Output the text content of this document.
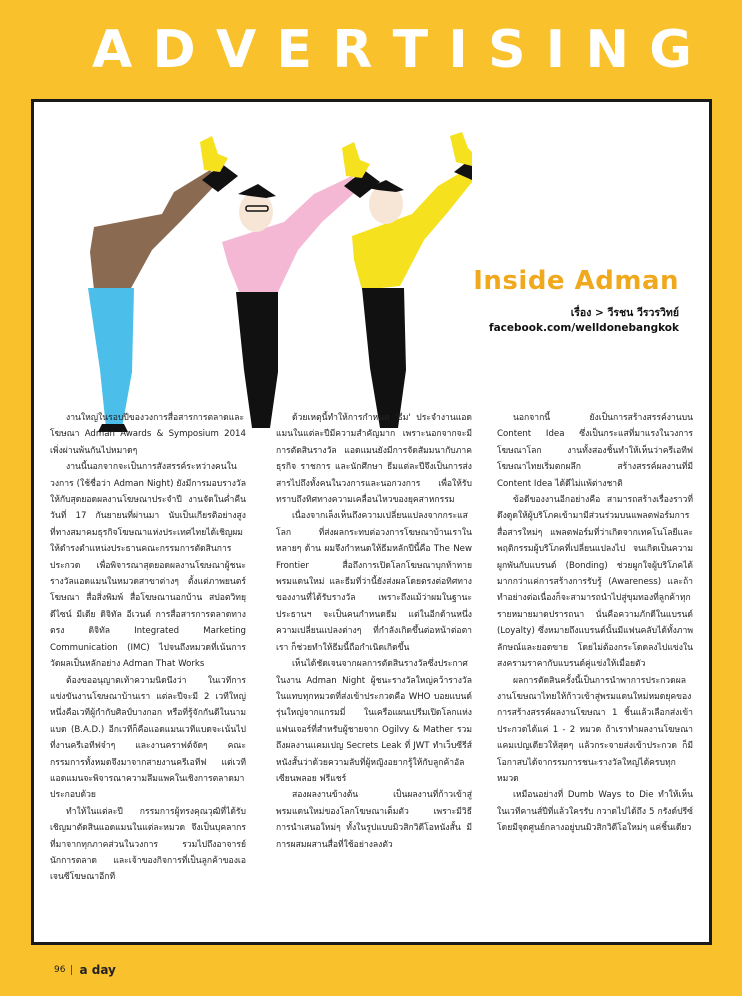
A D V E R T I S I N G
Inside Adman
เรื่อง > วีรชน วีรวรวิทย์
facebook.com/welldonebangkok

งานใหญ่ในรอบปีของวงการสื่อสารการตลาดและโฆษณา Adman Awards & Symposium 2014 เพิ่งผ่านพ้นกันไปหมาดๆ

งานนี้นอกจากจะเป็นการสังสรรค์ระหว่างคนในวงการ (ใช้ชื่อว่า Adman Night) ยังมีการมอบรางวัลให้กับสุดยอดผลงานโฆษณาประจำปี งานจัดในค่ำคืนวันที่ 17 กันยายนที่ผ่านมา นับเป็นเกียรติอย่างสูงที่ทางสมาคมธุรกิจโฆษณาแห่งประเทศไทยได้เชิญผมให้ดำรงตำแหน่งประธานคณะกรรมการตัดสินการประกวด เพื่อพิจารณาสุดยอดผลงานโฆษณาผู้ชนะรางวัลแอดแมนในหมวดสาขาต่างๆ ตั้งแต่ภาพยนตร์โฆษณา สื่อสิ่งพิมพ์ สื่อโฆษณานอกบ้าน สปอตวิทยุ ดีไซน์ มีเดีย ดิจิทัล อีเวนต์ การสื่อสารการตลาดทางตรง ดิจิทัล Integrated Marketing Communication (IMC) ไปจนถึงหมวดที่เน้นการวัดผลเป็นหลักอย่าง Adman That Works

ต้องขออนุญาตเท้าความนิดนึงว่า ในเวทีการแข่งขันงานโฆษณาบ้านเรา แต่ละปีจะมี 2 เวทีใหญ่ หนึ่งคือเวทีผู้กำกับศิลป์บางกอก หรือที่รู้จักกันดีในนามแบด (B.A.D.) อีกเวทีก็คือแอดแมนเวทีแบดจะเน้นไปที่งานครีเอทีฟจ๋าๆ และงานคราฟต์จัดๆ คณะกรรมการทั้งหมดจึงมาจากสายงานครีเอทีฟ แต่เวทีแอดแมนจะพิจารณาความลึมแพคในเชิงการตลาดมาประกอบด้วย

ทำให้ในแต่ละปี กรรมการผู้ทรงคุณวุฒิที่ได้รับเชิญมาตัดสินแอดแมนในแต่ละหมวด จึงเป็นบุคลากรที่มาจากทุกภาคส่วนในวงการ รวมไปถึงอาจารย์ นักการตลาด และเจ้าของกิจการที่เป็นลูกค้าของเอเจนซีโฆษณาอีกที

ด้วยเหตุนี้ทำให้การกำหนด 'ธีม' ประจำงานแอดแมนในแต่ละปีมีความสำคัญมาก เพราะนอกจากจะมีการตัดสินรางวัล แอดแมนยังมีการจัดสัมมนากับภาคธุรกิจ ราชการ และนักศึกษา ธีมแต่ละปีจึงเป็นการส่งสารไปถึงทั้งคนในวงการและนอกวงการ เพื่อให้รับทราบถึงทิศทางความเคลื่อนไหวของยุคสาหกรรม

เนื่องจากเล็งเห็นถึงความเปลี่ยนแปลงจากกระแสโลก ที่ส่งผลกระทบต่อวงการโฆษณาบ้านเราในหลายๆ ด้าน ผมจึงกำหนดให้ธีมหลักปีนี้คือ The New Frontier สื่อถึงการเปิดโลกโฆษณาบุกท้าทายพรมแดนใหม่ และธีมที่ว่านี้ยังส่งผลโดยตรงต่อทิศทางของงานที่ได้รับรางวัล เพราะถึงแม้ว่าผมในฐานะประธานฯ จะเป็นคนกำหนดธีม แต่ในอีกด้านหนึ่ง ความเปลี่ยนแปลงต่างๆ ที่กำลังเกิดขึ้นต่อหน้าต่อตาเรา ก็ช่วยทำให้ธีมนี้ถือกำเนิดเกิดขึ้น

เห็นได้ชัดเจนจากผลการตัดสินรางวัลซึ่งประกาศในงาน Adman Night ผู้ชนะรางวัลใหญ่คว้ารางวัลในแทบทุกหมวดที่ส่งเข้าประกวดคือ WHO บอยแบนด์รุ่นใหญ่จากแกรมมี่ ในเครือแผนเปรีมเปิดโลกแห่งแฟนเจอร์ที่สำหรับผู้ชายจาก Ogilvy & Mather รวมถึงผลงานแคมเปญ Secrets Leak ที่ JWT ทำเว็บซีรีส์หนังสั้นว่าด้วยความลับที่ผู้หญิงอยากรู้ให้กับลูกค้าอัลเซียนพลอย ฟรีแชร์

สองผลงานข้างต้น เป็นผลงานที่ก้าวเข้าสู่พรมแดนใหม่ของโลกโฆษณาเต็มตัว เพราะมีวิธีการนำเสนอใหม่ๆ ทั้งในรูปแบบมิวสิกวิดีโอหนังสั้น มีการผสมผสานสื่อที่ใช้อย่างลงตัว

นอกจากนี้ ยังเป็นการสร้างสรรค์งานบน Content Idea ซึ่งเป็นกระแสที่มาแรงในวงการโฆษณาโลก งานทั้งสองชิ้นทำให้เห็นว่าครีเอทีฟโฆษณาไทยเริ่มตกผลึก สร้างสรรค์ผลงานที่มี Content Idea ได้ดีไม่แพ้ต่างชาติ

ข้อดีของงานอีกอย่างคือ สามารถสร้างเรื่องราวที่ดึงดูดให้ผู้บริโภคเข้ามามีส่วนร่วมบนแพลตฟอร์มการสื่อสารใหม่ๆ แพลตฟอร์มที่ว่าเกิดจากเทคโนโลยีและพฤติกรรมผู้บริโภคที่เปลี่ยนแปลงไป จนเกิดเป็นความผูกพันกับแบรนด์ (Bonding) ช่วยผูกใจผู้บริโภคได้มากกว่าแค่การสร้างการรับรู้ (Awareness) และถ้าทำอย่างต่อเนื่องก็จะสามารถนำไปสู่ขุมทองที่ลูกค้าทุกรายหมายมาดปรารถนา นั่นคือความภักดีในแบรนด์ (Loyalty) ซึ่งหมายถึงแบรนด์นั้นมีแฟนคลับได้ทั้งภาพลักษณ์และยอดขาย โดยไม่ต้องกระโดดลงไปแข่งในสงครามราคากับแบรนด์คู่แข่งให้เมื่อยตัว

ผลการตัดสินครั้งนี้เป็นการนำพาการประกวดผลงานโฆษณาไทยให้ก้าวเข้าสู่พรมแดนใหม่หมดยุคของการสร้างสรรค์ผลงานโฆษณา 1 ชิ้นแล้วเลือกส่งเข้าประกวดได้แค่ 1 - 2 หมวด ถ้าเราทำผลงานโฆษณาแคมเปญเดียวให้สุดๆ แล้วกระจายส่งเข้าประกวด ก็มีโอกาสบได้จากรรมการชนะรางวัลใหญ่ได้ครบทุกหมวด

เหมือนอย่างที่ Dumb Ways to Die ทำให้เห็นในเวทีคานส์ปีที่แล้วใครรับ กวาดไปได้ถึง 5 กรังด์ปรีซ์ โดยมีจุดศูนย์กลางอยู่บนมิวสิกวิดีโอใหม่ๆ แค่ชิ้นเดียว

96	a day
